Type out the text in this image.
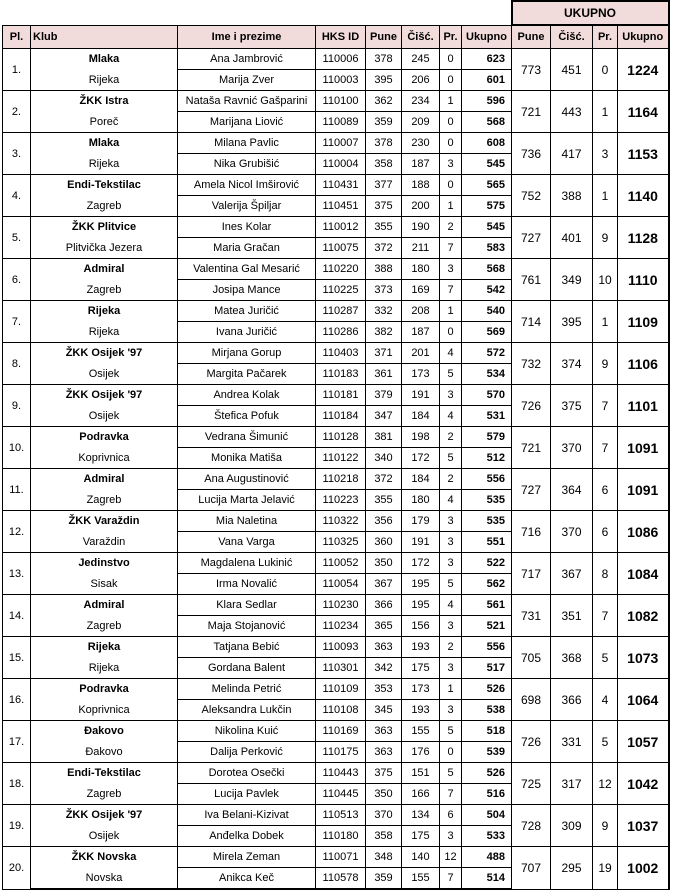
								UKUPNO			
Pl.	Klub	Ime i prezime	HKS ID	Pune	Čišć.	Pr.	Ukupno	Pune	Čišć.	Pr.	Ukupno
1.	Mlaka	Ana Jambrović	110006	378	245	0	623	773	451	0	1224
	Rijeka	Marija Zver	110003	395	206	0	601				
2.	ŽKK Istra	Nataša Ravnić Gašparini	110100	362	234	1	596	721	443	1	1164
	Poreč	Marijana Liović	110089	359	209	0	568				
3.	Mlaka	Milana Pavlic	110007	378	230	0	608	736	417	3	1153
	Rijeka	Nika Grubišić	110004	358	187	3	545				
4.	Endi-Tekstilac	Amela Nicol Imširović	110431	377	188	0	565	752	388	1	1140
	Zagreb	Valerija Špiljar	110451	375	200	1	575				
5.	ŽKK Plitvice	Ines Kolar	110012	355	190	2	545	727	401	9	1128
	Plitvička Jezera	Maria Gračan	110075	372	211	7	583				
6.	Admiral	Valentina Gal Mesarić	110220	388	180	3	568	761	349	10	1110
	Zagreb	Josipa Mance	110225	373	169	7	542				
7.	Rijeka	Matea Juričić	110287	332	208	1	540	714	395	1	1109
	Rijeka	Ivana Juričić	110286	382	187	0	569				
8.	ŽKK Osijek '97	Mirjana Gorup	110403	371	201	4	572	732	374	9	1106
	Osijek	Margita Pačarek	110183	361	173	5	534				
9.	ŽKK Osijek '97	Andrea Kolak	110181	379	191	3	570	726	375	7	1101
	Osijek	Štefica Pofuk	110184	347	184	4	531				
10.	Podravka	Vedrana Šimunić	110128	381	198	2	579	721	370	7	1091
	Koprivnica	Monika Matiša	110122	340	172	5	512				
11.	Admiral	Ana Augustinović	110218	372	184	2	556	727	364	6	1091
	Zagreb	Lucija Marta Jelavić	110223	355	180	4	535				
12.	ŽKK Varaždin	Mia Naletina	110322	356	179	3	535	716	370	6	1086
	Varaždin	Vana Varga	110325	360	191	3	551				
13.	Jedinstvo	Magdalena Lukinić	110052	350	172	3	522	717	367	8	1084
	Sisak	Irma Novalić	110054	367	195	5	562				
14.	Admiral	Klara Sedlar	110230	366	195	4	561	731	351	7	1082
	Zagreb	Maja Stojanović	110234	365	156	3	521				
15.	Rijeka	Tatjana Bebić	110093	363	193	2	556	705	368	5	1073
	Rijeka	Gordana Balent	110301	342	175	3	517				
16.	Podravka	Melinda Petrić	110109	353	173	1	526	698	366	4	1064
	Koprivnica	Aleksandra Lukčin	110108	345	193	3	538				
17.	Đakovo	Nikolina Kuić	110169	363	155	5	518	726	331	5	1057
	Đakovo	Dalija Perković	110175	363	176	0	539				
18.	Endi-Tekstilac	Dorotea Osečki	110443	375	151	5	526	725	317	12	1042
	Zagreb	Lucija Pavlek	110445	350	166	7	516				
19.	ŽKK Osijek '97	Iva Belani-Kizivat	110513	370	134	6	504	728	309	9	1037
	Osijek	Anđelka Dobek	110180	358	175	3	533				
20.	ŽKK Novska	Mirela Zeman	110071	348	140	12	488	707	295	19	1002
	Novska	Anikca Keč	110578	359	155	7	514				
